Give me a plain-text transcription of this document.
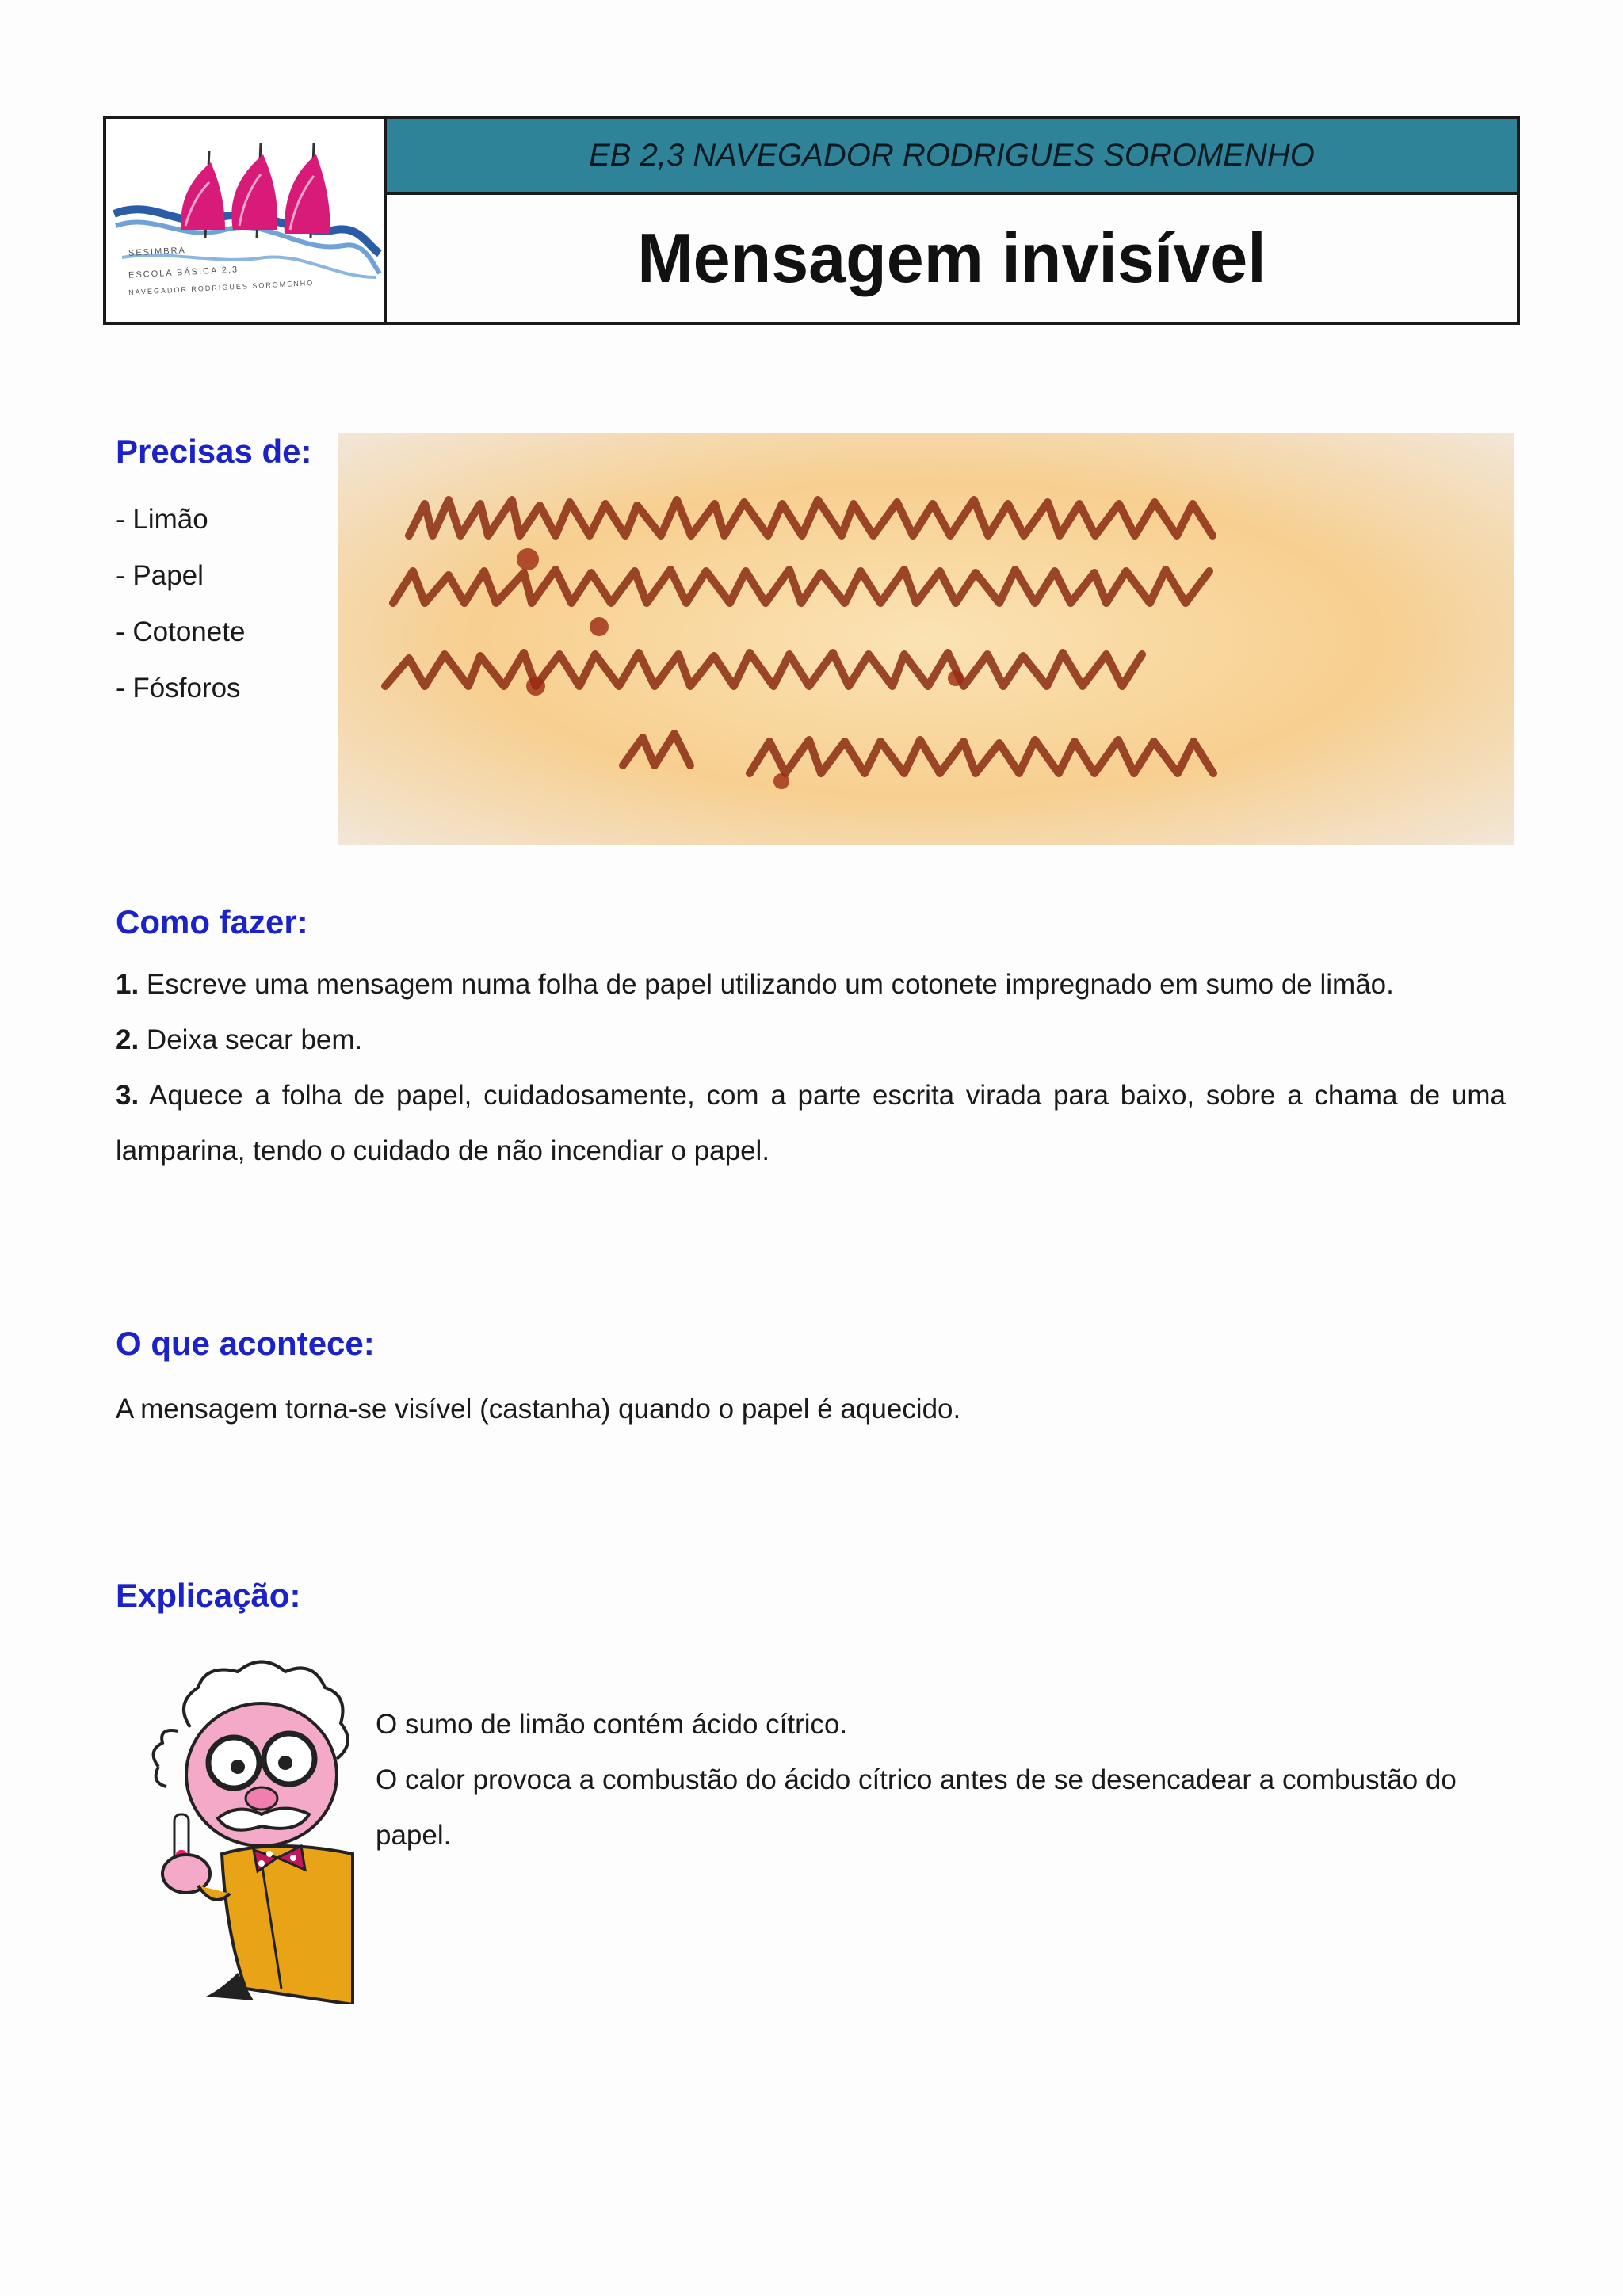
SESIMBRA
ESCOLA BÁSICA 2,3
NAVEGADOR RODRIGUES SOROMENHO
EB 2,3 NAVEGADOR RODRIGUES SOROMENHO
Mensagem invisível
Precisas de:
- Limão
- Papel
- Cotonete
- Fósforos
Como fazer:

1. Escreve uma mensagem numa folha de papel utilizando um cotonete impregnado em sumo de limão.

2. Deixa secar bem.

3. Aquece a folha de papel, cuidadosamente, com a parte escrita virada para baixo, sobre a chama de uma lamparina, tendo o cuidado de não incendiar o papel.

O que acontece:
A mensagem torna-se visível (castanha) quando o papel é aquecido.
Explicação:
O sumo de limão contém ácido cítrico.
O calor provoca a combustão do ácido cítrico antes de se desencadear a combustão do papel.
